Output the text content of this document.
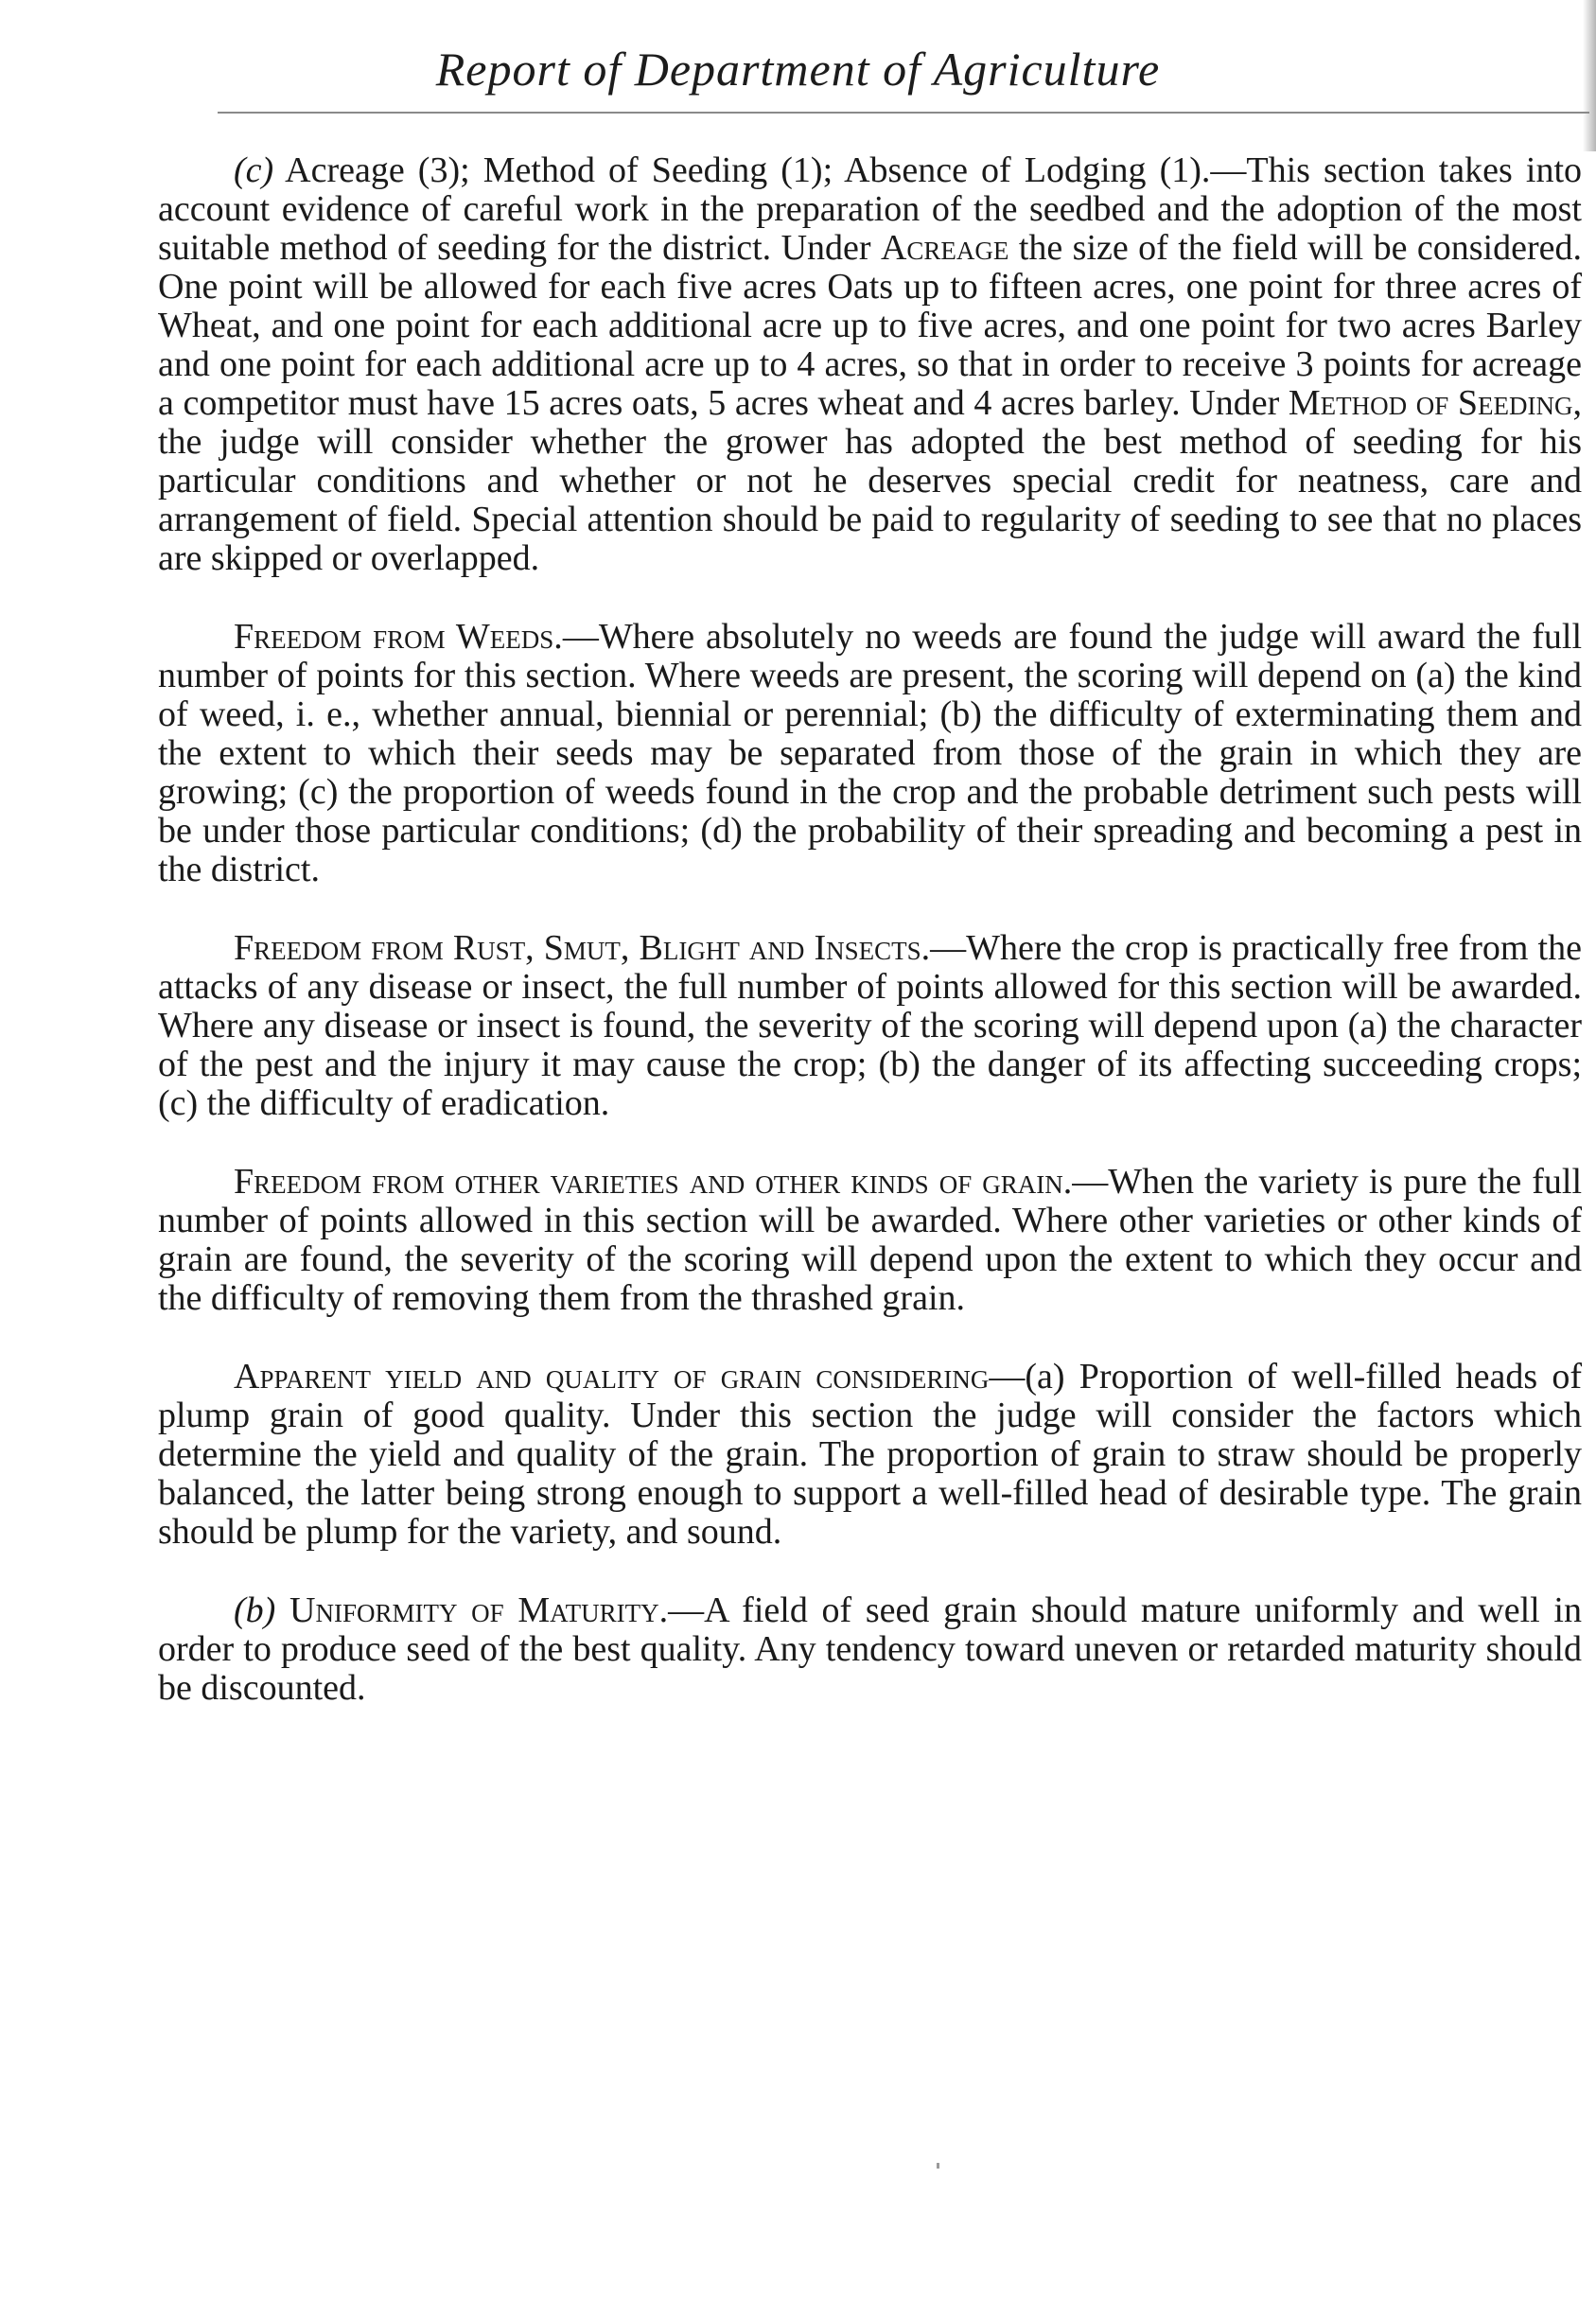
Report of Department of Agriculture

(c) Acreage (3); Method of Seeding (1); Absence of Lodging (1).—This section takes into account evidence of careful work in the preparation of the seedbed and the adoption of the most suitable method of seeding for the district. Under Acreage the size of the field will be considered. One point will be allowed for each five acres Oats up to fifteen acres, one point for three acres of Wheat, and one point for each additional acre up to five acres, and one point for two acres Barley and one point for each additional acre up to 4 acres, so that in order to receive 3 points for acreage a competitor must have 15 acres oats, 5 acres wheat and 4 acres barley. Under Method of Seeding, the judge will consider whether the grower has adopted the best method of seeding for his particular conditions and whether or not he deserves special credit for neatness, care and arrangement of field. Special attention should be paid to regularity of seeding to see that no places are skipped or overlapped.

Freedom from Weeds.—Where absolutely no weeds are found the judge will award the full number of points for this section. Where weeds are present, the scoring will depend on (a) the kind of weed, i. e., whether annual, biennial or perennial; (b) the difficulty of exterminating them and the extent to which their seeds may be separated from those of the grain in which they are growing; (c) the proportion of weeds found in the crop and the probable detriment such pests will be under those particular conditions; (d) the probability of their spreading and becoming a pest in the district.

Freedom from Rust, Smut, Blight and Insects.—Where the crop is practically free from the attacks of any disease or insect, the full number of points allowed for this section will be awarded. Where any disease or insect is found, the severity of the scoring will depend upon (a) the character of the pest and the injury it may cause the crop; (b) the danger of its affecting succeeding crops; (c) the difficulty of eradication.

Freedom from other varieties and other kinds of grain.—When the variety is pure the full number of points allowed in this section will be awarded. Where other varieties or other kinds of grain are found, the severity of the scoring will depend upon the extent to which they occur and the difficulty of removing them from the thrashed grain.

Apparent yield and quality of grain considering—(a) Proportion of well-filled heads of plump grain of good quality. Under this section the judge will consider the factors which determine the yield and quality of the grain. The proportion of grain to straw should be properly balanced, the latter being strong enough to support a well-filled head of desirable type. The grain should be plump for the variety, and sound.

(b) Uniformity of Maturity.—A field of seed grain should mature uniformly and well in order to produce seed of the best quality. Any tendency toward uneven or retarded maturity should be discounted.
